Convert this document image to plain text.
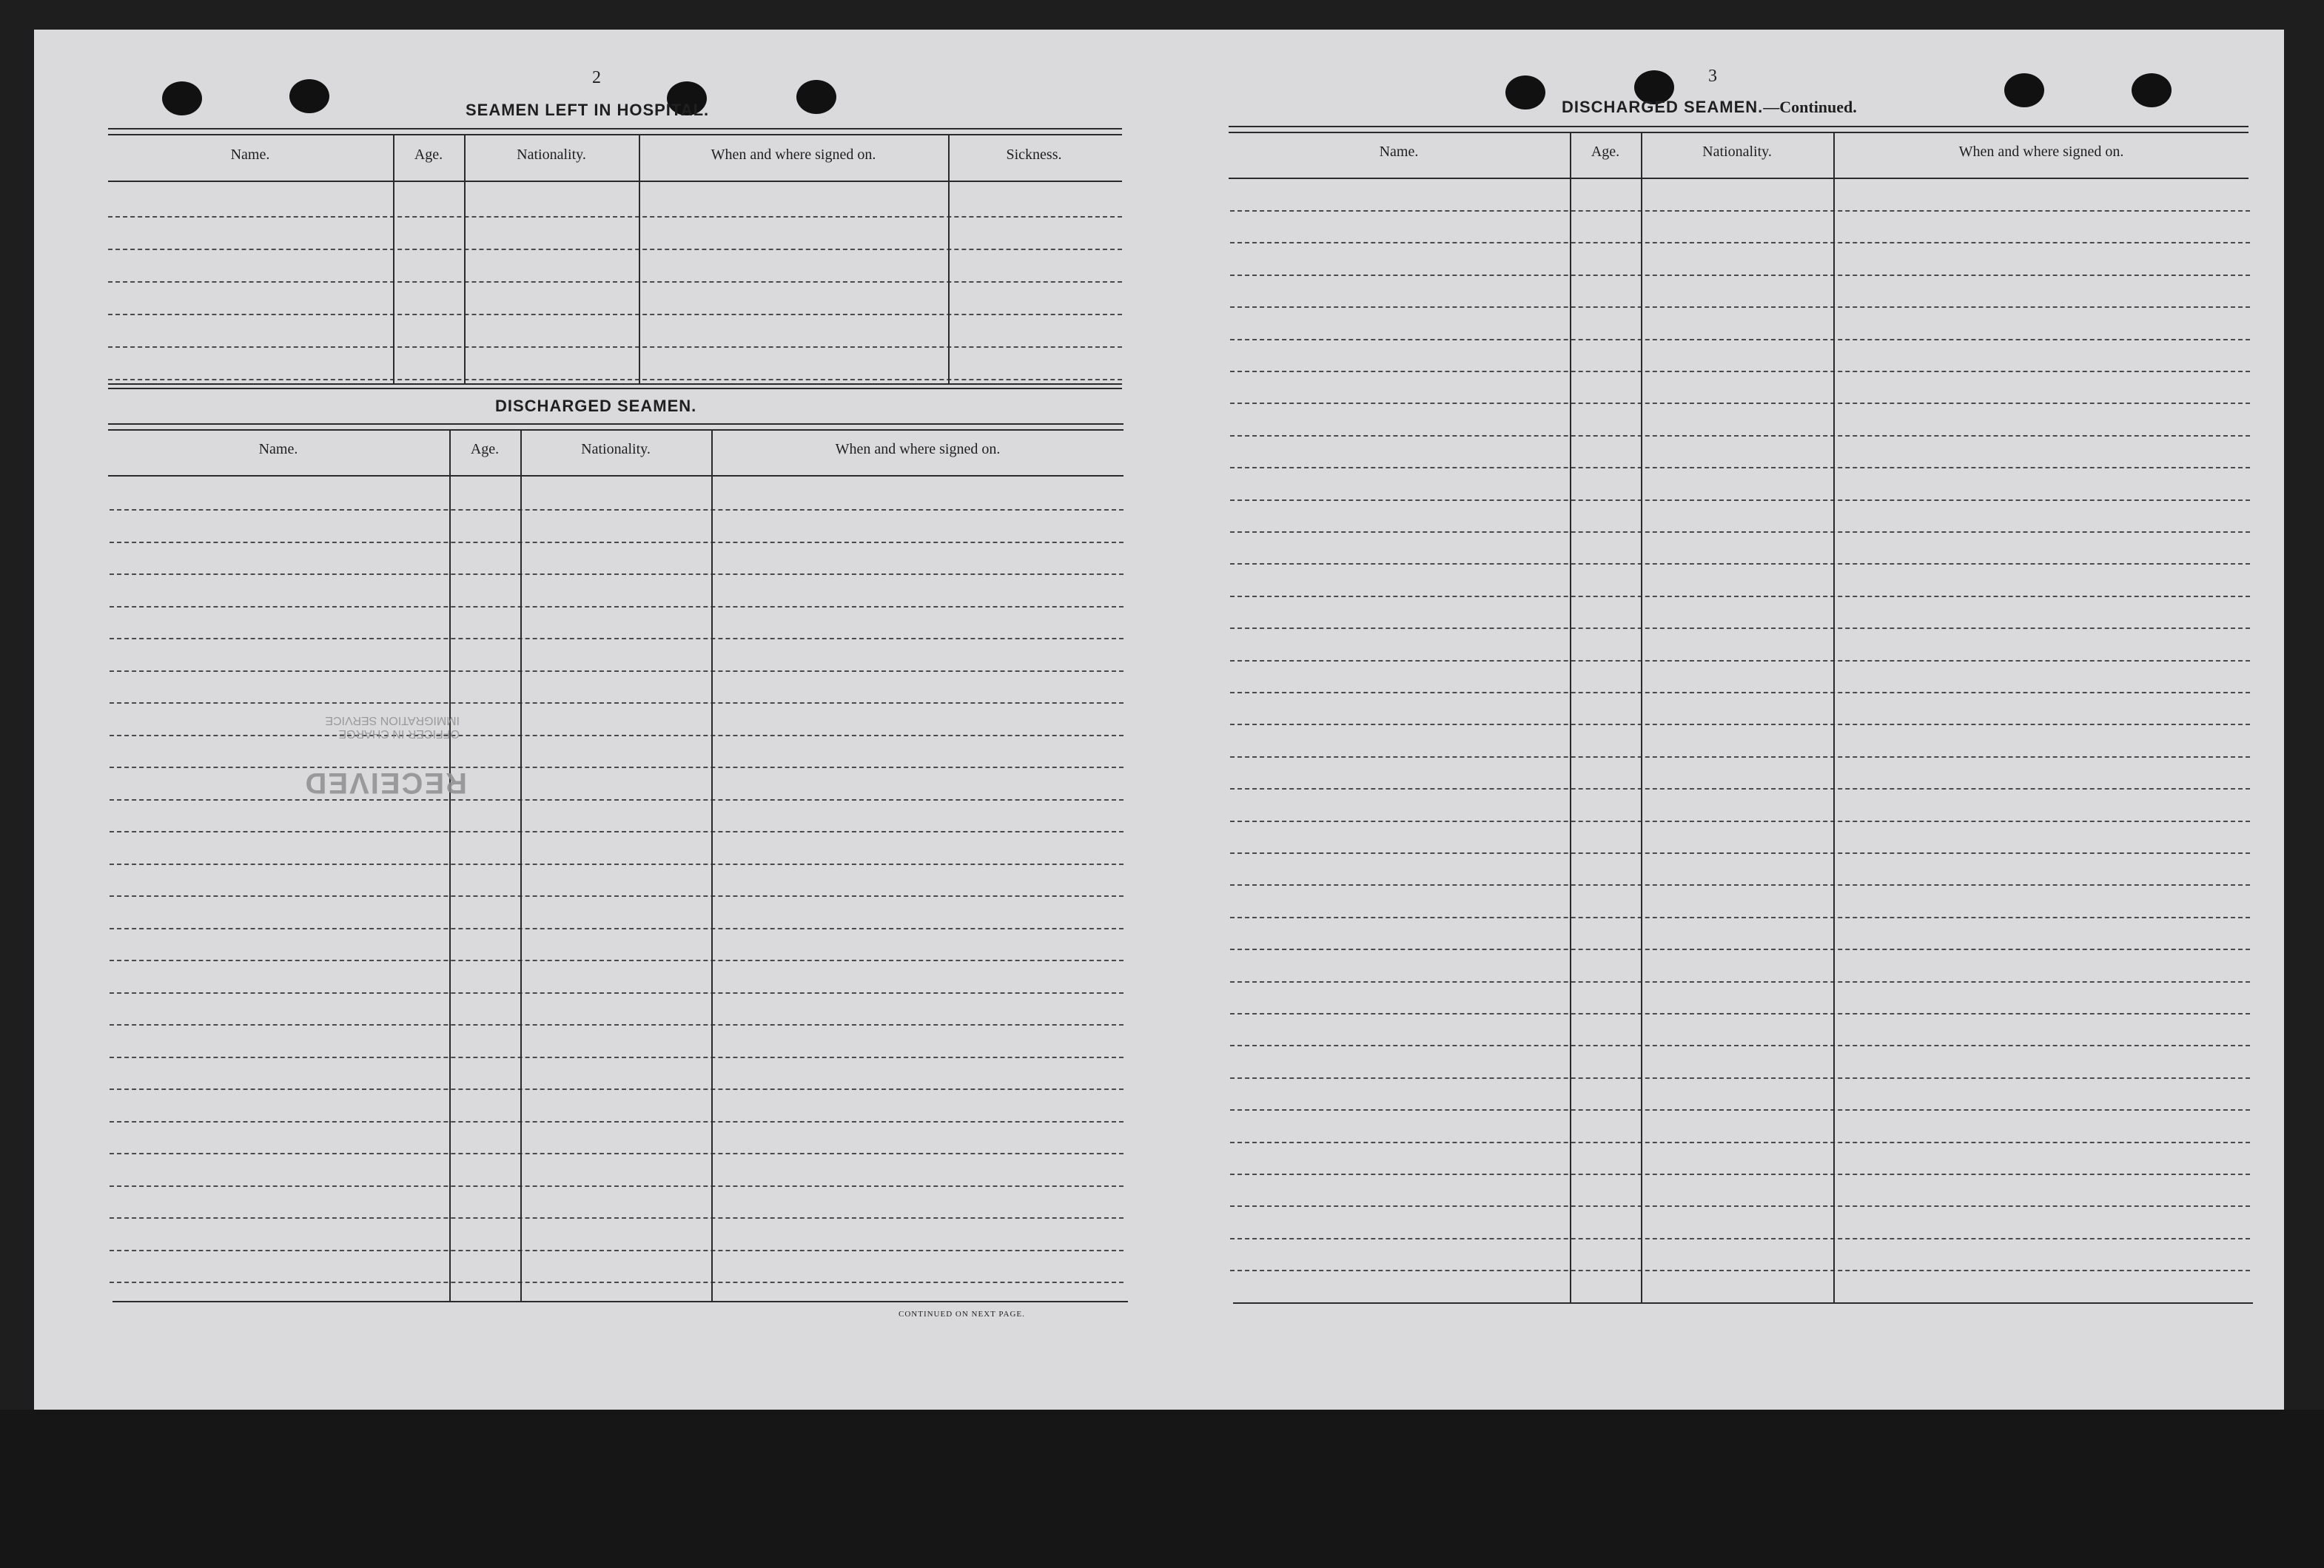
2
SEAMEN LEFT IN HOSPITAL.
Name.	Age.	Nationality.	When and where signed on.	Sickness.
DISCHARGED SEAMEN.
Name.	Age.	Nationality.	When and where signed on.
CONTINUED ON NEXT PAGE.
RECEIVED
OFFICER IN CHARGE
IMMIGRATION SERVICE
3
DISCHARGED SEAMEN.—Continued.
Name.	Age.	Nationality.	When and where signed on.
